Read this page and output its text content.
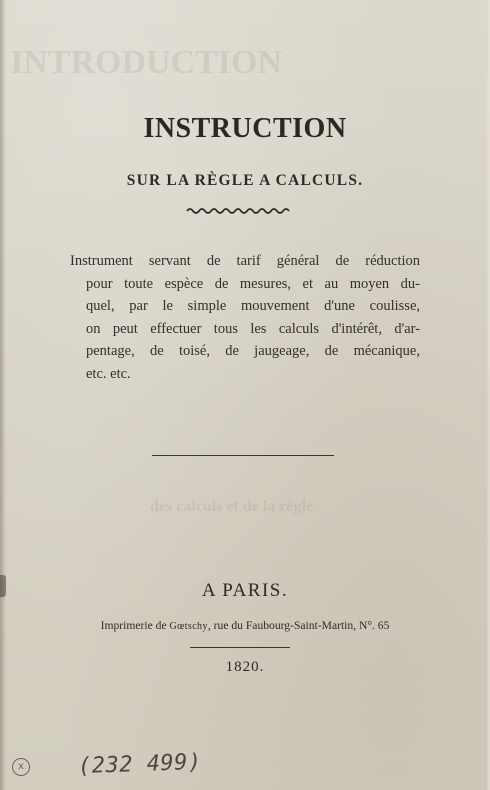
INTRODUCTION
des calculs et de la règle
INSTRUCTION
SUR LA RÈGLE A CALCULS.
Instrument servant de tarif général de réduction
pour toute espèce de mesures, et au moyen du-
quel, par le simple mouvement d'une coulisse,
on peut effectuer tous les calculs d'intérêt, d'ar-
pentage, de toisé, de jaugeage, de mécanique,
etc. etc.
A PARIS.
Imprimerie de Gœtschy, rue du Faubourg-Saint-Martin, N°. 65
1820.
x (232 499)
